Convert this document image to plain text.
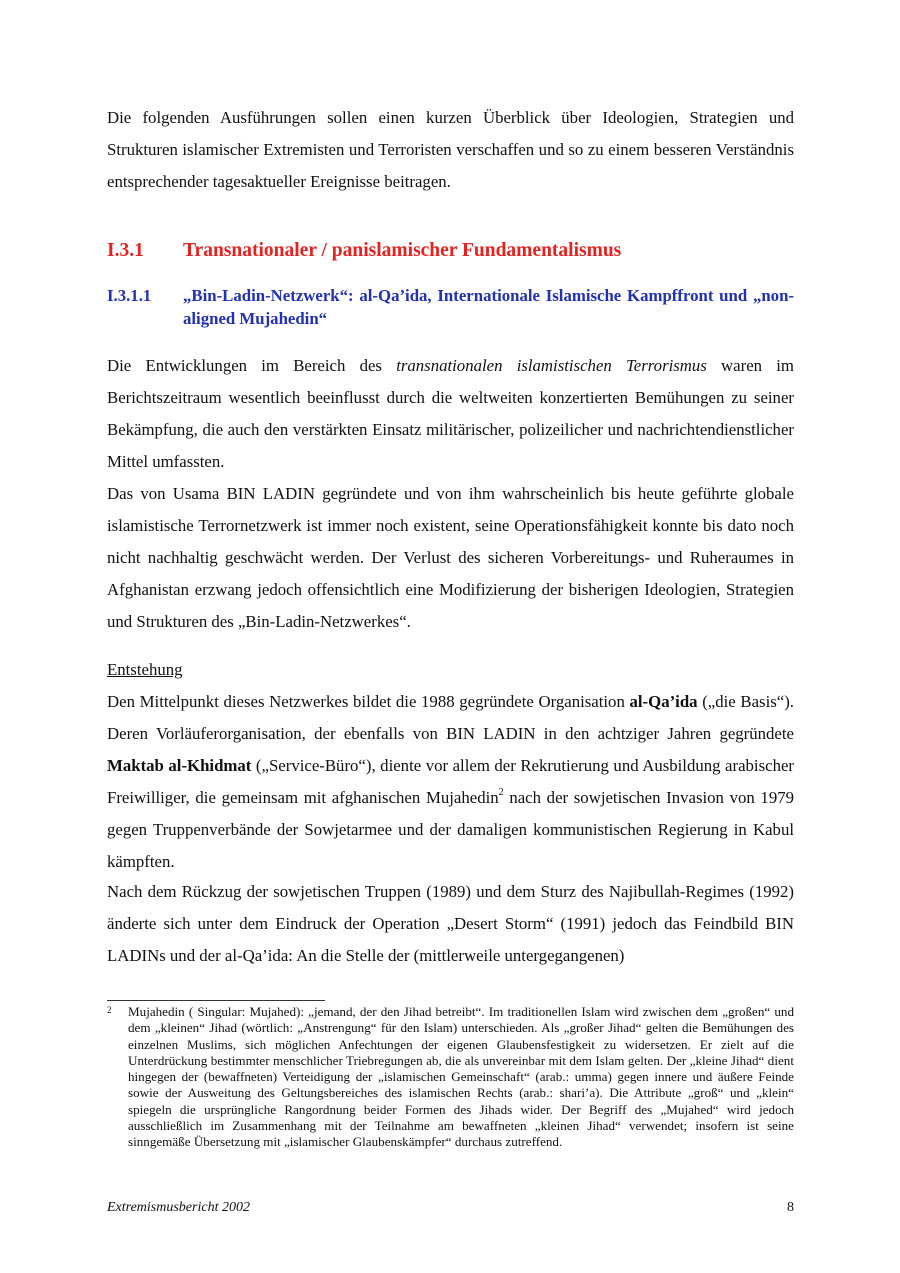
Die folgenden Ausführungen sollen einen kurzen Überblick über Ideologien, Strategien und Strukturen islamischer Extremisten und Terroristen verschaffen und so zu einem besseren Verständnis entsprechender tagesaktueller Ereignisse beitragen.

I.3.1 Transnationaler / panislamischer Fundamentalismus
I.3.1.1	„Bin-Ladin-Netzwerk“: al-Qa’ida, Internationale Islamische Kampffront und „non-aligned Mujahedin“

Die Entwicklungen im Bereich des transnationalen islamistischen Terrorismus waren im Berichtszeitraum wesentlich beeinflusst durch die weltweiten konzertierten Bemühungen zu seiner Bekämpfung, die auch den verstärkten Einsatz militärischer, polizeilicher und nachrichtendienstlicher Mittel umfassten.

Das von Usama BIN LADIN gegründete und von ihm wahrscheinlich bis heute geführte globale islamistische Terrornetzwerk ist immer noch existent, seine Operationsfähigkeit konnte bis dato noch nicht nachhaltig geschwächt werden. Der Verlust des sicheren Vorbereitungs- und Ruheraumes in Afghanistan erzwang jedoch offensichtlich eine Modifizierung der bisherigen Ideologien, Strategien und Strukturen des „Bin-Ladin-Netzwerkes“.

Entstehung

Den Mittelpunkt dieses Netzwerkes bildet die 1988 gegründete Organisation al-Qa’ida („die Basis“). Deren Vorläuferorganisation, der ebenfalls von BIN LADIN in den achtziger Jahren gegründete Maktab al-Khidmat („Service-Büro“), diente vor allem der Rekrutierung und Ausbildung arabischer Freiwilliger, die gemeinsam mit afghanischen Mujahedin$^2$ nach der sowjetischen Invasion von 1979 gegen Truppenverbände der Sowjetarmee und der damaligen kommunistischen Regierung in Kabul kämpften.

Nach dem Rückzug der sowjetischen Truppen (1989) und dem Sturz des Najibullah-Regimes (1992) änderte sich unter dem Eindruck der Operation „Desert Storm“ (1991) jedoch das Feindbild BIN LADINs und der al-Qa’ida: An die Stelle der (mittlerweile untergegangenen)

2	Mujahedin ( Singular: Mujahed): „jemand, der den Jihad betreibt“. Im traditionellen Islam wird zwischen dem „großen“ und dem „kleinen“ Jihad (wörtlich: „Anstrengung“ für den Islam) unterschieden. Als „großer Jihad“ gelten die Bemühungen des einzelnen Muslims, sich möglichen Anfechtungen der eigenen Glaubensfestigkeit zu widersetzen. Er zielt auf die Unterdrückung bestimmter menschlicher Triebregungen ab, die als unvereinbar mit dem Islam gelten. Der „kleine Jihad“ dient hingegen der (bewaffneten) Verteidigung der „islamischen Gemeinschaft“ (arab.: umma) gegen innere und äußere Feinde sowie der Ausweitung des Geltungsbereiches des islamischen Rechts (arab.: shari’a). Die Attribute „groß“ und „klein“ spiegeln die ursprüngliche Rangordnung beider Formen des Jihads wider. Der Begriff des „Mujahed“ wird jedoch ausschließlich im Zusammenhang mit der Teilnahme am bewaffneten „kleinen Jihad“ verwendet; insofern ist seine sinngemäße Übersetzung mit „islamischer Glaubenskämpfer“ durchaus zutreffend.
Extremismusbericht 2002	8
